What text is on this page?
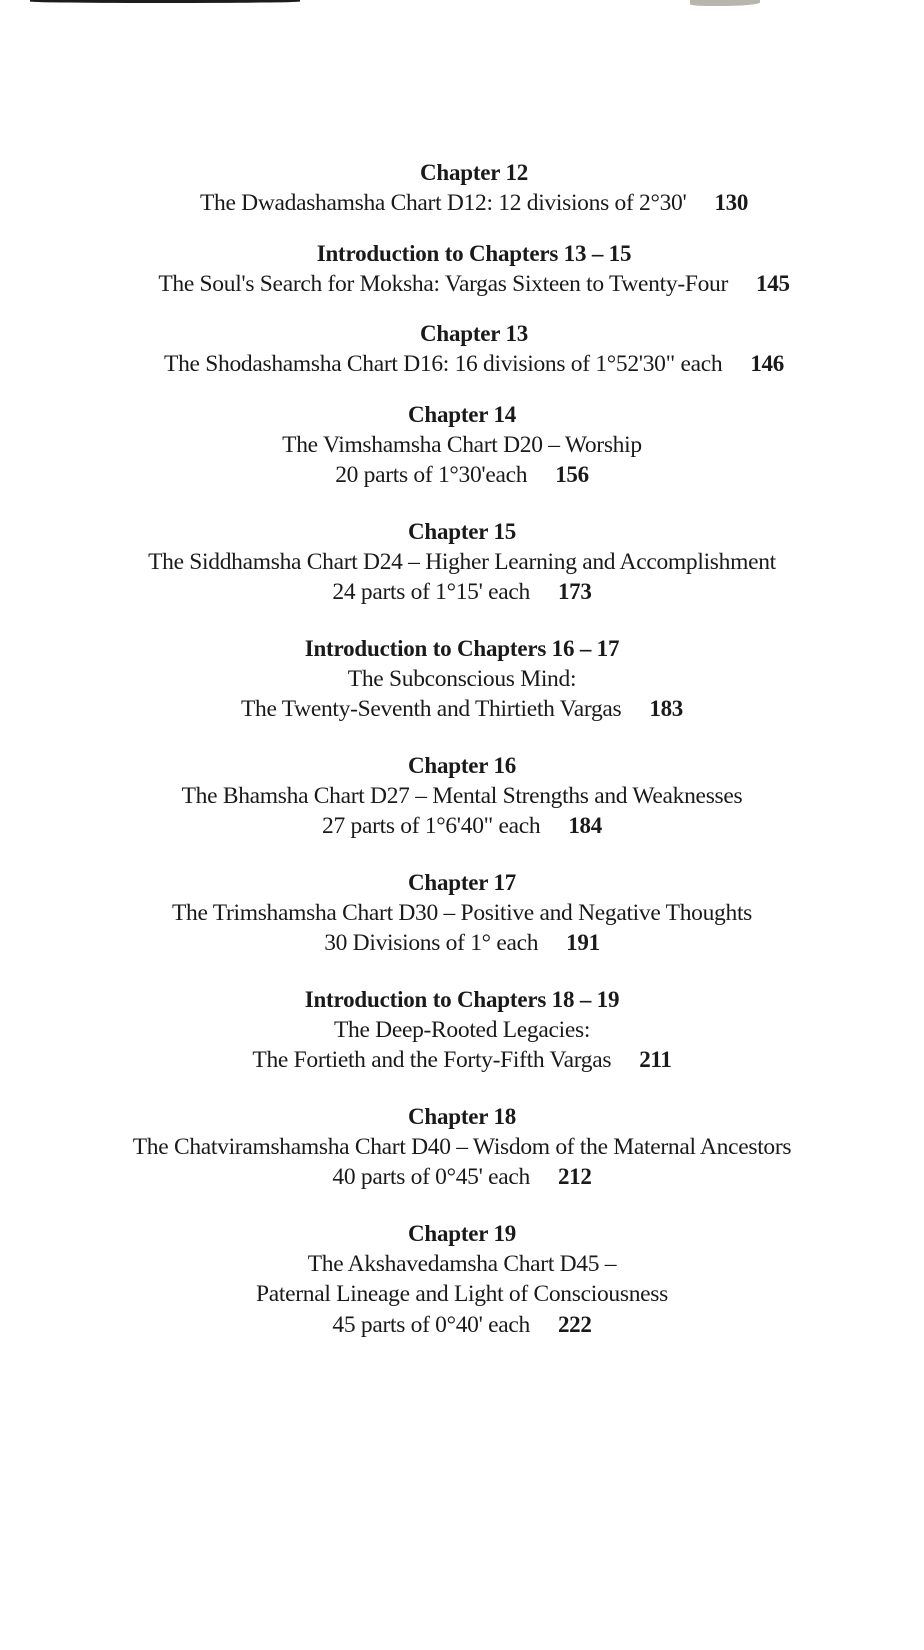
Chapter 12
The Dwadashamsha Chart D12: 12 divisions of 2°30' 130
Introduction to Chapters 13 – 15
The Soul's Search for Moksha: Vargas Sixteen to Twenty-Four 145
Chapter 13
The Shodashamsha Chart D16: 16 divisions of 1°52'30" each 146
Chapter 14
The Vimshamsha Chart D20 – Worship
20 parts of 1°30'each 156
Chapter 15
The Siddhamsha Chart D24 – Higher Learning and Accomplishment
24 parts of 1°15' each 173
Introduction to Chapters 16 – 17
The Subconscious Mind:
The Twenty-Seventh and Thirtieth Vargas 183
Chapter 16
The Bhamsha Chart D27 – Mental Strengths and Weaknesses
27 parts of 1°6'40" each 184
Chapter 17
The Trimshamsha Chart D30 – Positive and Negative Thoughts
30 Divisions of 1° each 191
Introduction to Chapters 18 – 19
The Deep-Rooted Legacies:
The Fortieth and the Forty-Fifth Vargas 211
Chapter 18
The Chatviramshamsha Chart D40 – Wisdom of the Maternal Ancestors
40 parts of 0°45' each 212
Chapter 19
The Akshavedamsha Chart D45 –
Paternal Lineage and Light of Consciousness
45 parts of 0°40' each 222
